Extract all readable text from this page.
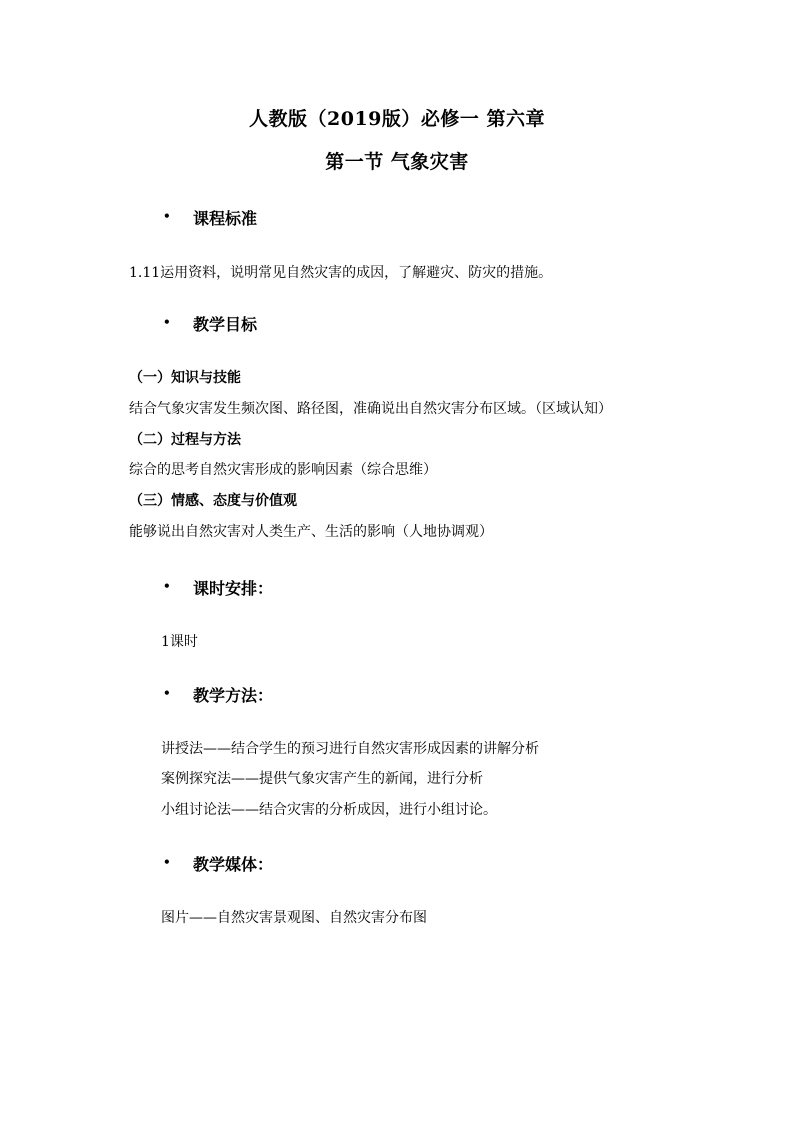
人教版（2019版）必修一 第六章
第一节 气象灾害
• 课程标准
1.11运用资料，说明常见自然灾害的成因，了解避灾、防灾的措施。
• 教学目标
（一）知识与技能
结合气象灾害发生频次图、路径图，准确说出自然灾害分布区域。（区域认知）
（二）过程与方法
综合的思考自然灾害形成的影响因素（综合思维）
（三）情感、态度与价值观
能够说出自然灾害对人类生产、生活的影响（人地协调观）
• 课时安排：
1课时
• 教学方法：
讲授法——结合学生的预习进行自然灾害形成因素的讲解分析
案例探究法——提供气象灾害产生的新闻，进行分析
小组讨论法——结合灾害的分析成因，进行小组讨论。
• 教学媒体：
图片——自然灾害景观图、自然灾害分布图
